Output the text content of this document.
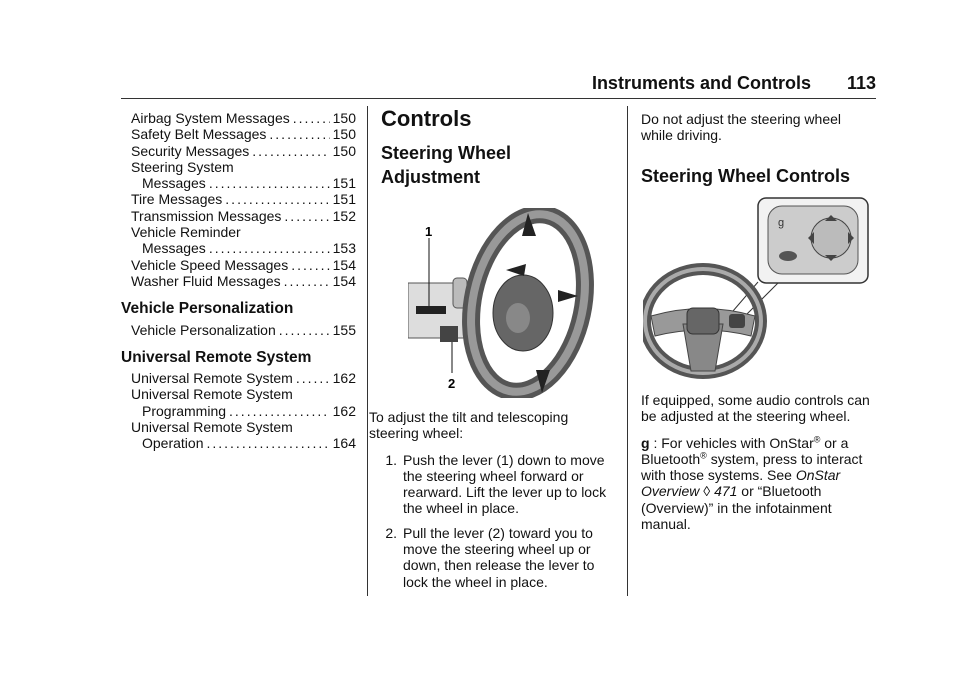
Instruments and Controls 113
Airbag System Messages .....	150
Safety Belt Messages .....	150
Security Messages .....	150
Steering System
Messages .....	151
Tire Messages .....	151
Transmission Messages .....	152
Vehicle Reminder
Messages .....	153
Vehicle Speed Messages .....	154
Washer Fluid Messages .....	154
Vehicle Personalization
Vehicle Personalization .....	155
Universal Remote System
Universal Remote System .....	162
Universal Remote System
Programming .....	162
Universal Remote System
Operation .....	164
Controls
Steering Wheel
Adjustment
1
2

To adjust the tilt and telescoping steering wheel:

1. Push the lever (1) down to move the steering wheel forward or rearward. Lift the lever up to lock the wheel in place.
2. Pull the lever (2) toward you to move the steering wheel up or down, then release the lever to lock the wheel in place.

Do not adjust the steering wheel while driving.

Steering Wheel Controls
ɡ

If equipped, some audio controls can be adjusted at the steering wheel.

ɡ : For vehicles with OnStar® or a Bluetooth® system, press to interact with those systems. See OnStar Overview ◊ 471 or “Bluetooth (Overview)” in the infotainment manual.
